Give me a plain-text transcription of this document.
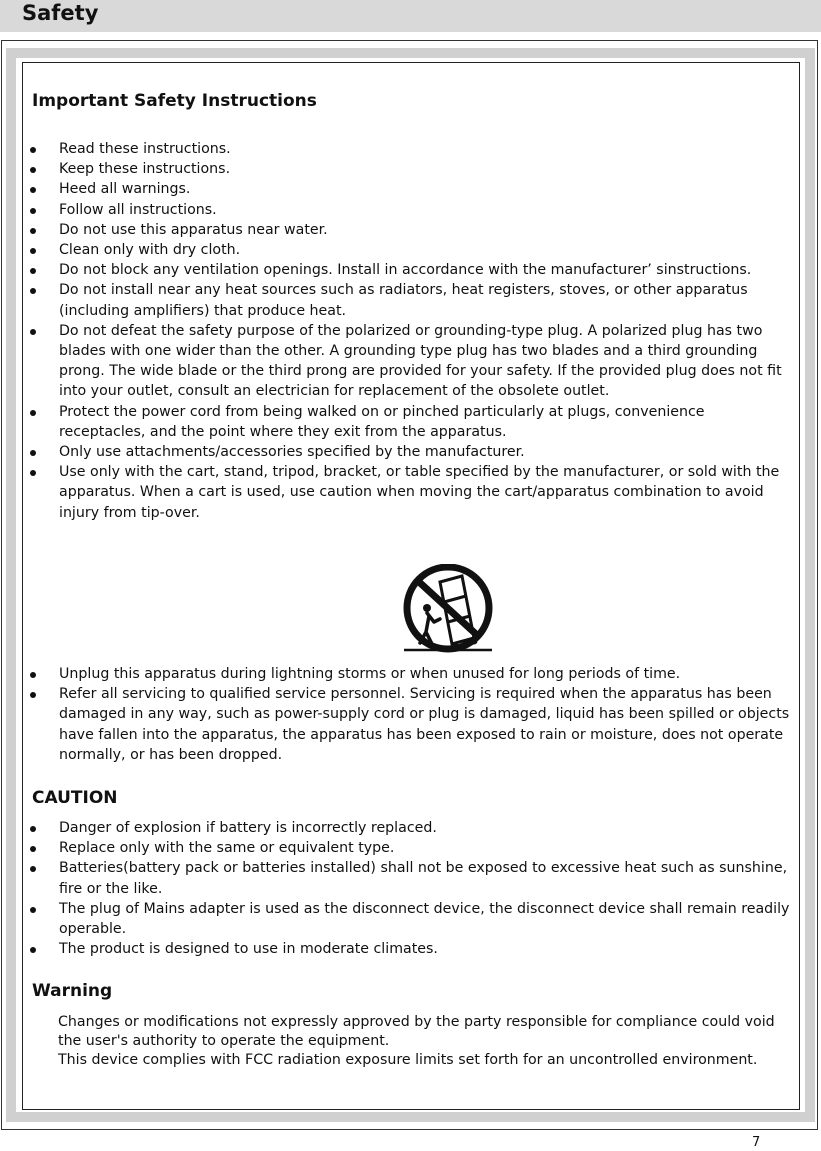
Safety
Important Safety Instructions
Read these instructions.
Keep these instructions.
Heed all warnings.
Follow all instructions.
Do not use this apparatus near water.
Clean only with dry cloth.
Do not block any ventilation openings. Install in accordance with the manufacturer’ sinstructions.
Do not install near any heat sources such as radiators, heat registers, stoves, or other apparatus (including amplifiers) that produce heat.
Do not defeat the safety purpose of the polarized or grounding-type plug. A polarized plug has two blades with one wider than the other. A grounding type plug has two blades and a third grounding prong. The wide blade or the third prong are provided for your safety. If the provided plug does not fit into your outlet, consult an electrician for replacement of the obsolete outlet.
Protect the power cord from being walked on or pinched particularly at plugs, convenience receptacles, and the point where they exit from the apparatus.
Only use attachments/accessories specified by the manufacturer.
Use only with the cart, stand, tripod, bracket, or table specified by the manufacturer, or sold with the apparatus. When a cart is used, use caution when moving the cart/apparatus combination to avoid injury from tip-over.
Unplug this apparatus during lightning storms or when unused for long periods of time.
Refer all servicing to qualified service personnel. Servicing is required when the apparatus has been damaged in any way, such as power-supply cord or plug is damaged, liquid has been spilled or objects have fallen into the apparatus, the apparatus has been exposed to rain or moisture, does not operate normally, or has been dropped.
CAUTION
Danger of explosion if battery is incorrectly replaced.
Replace only with the same or equivalent type.
Batteries(battery pack or batteries installed) shall not be exposed to excessive heat such as sunshine, fire or the like.
The plug of Mains adapter is used as the disconnect device, the disconnect device shall remain readily operable.
The product is designed to use in moderate climates.
Warning

Changes or modifications not expressly approved by the party responsible for compliance could void the user's authority to operate the equipment.

This device complies with FCC radiation exposure limits set forth for an uncontrolled environment.

7
